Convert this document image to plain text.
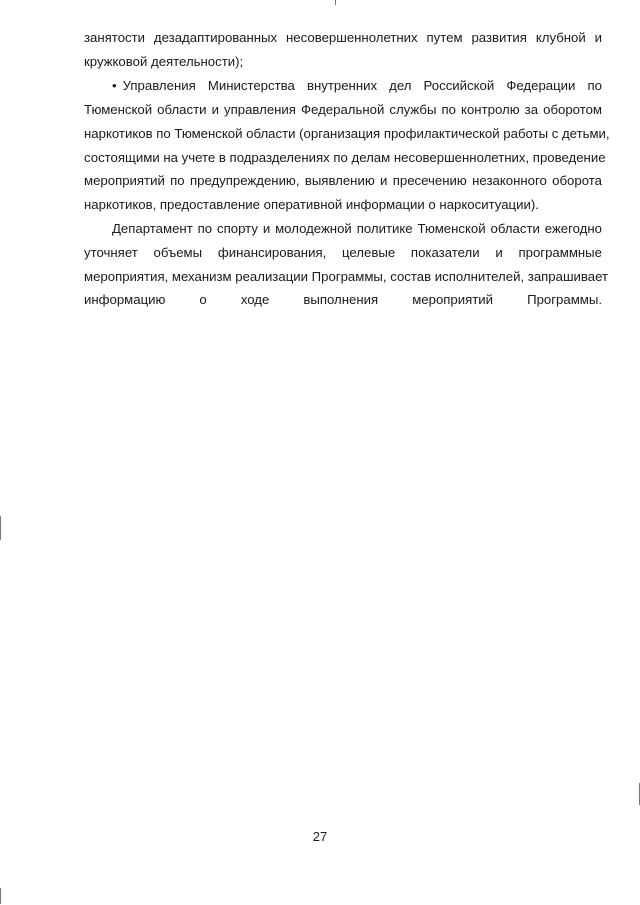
занятости дезадаптированных несовершеннолетних путем развития клубной и
кружковой деятельности);
• Управления Министерства внутренних дел Российской Федерации по
Тюменской области и управления Федеральной службы по контролю за оборотом
наркотиков по Тюменской области (организация профилактической работы с детьми,
состоящими на учете в подразделениях по делам несовершеннолетних, проведение
мероприятий по предупреждению, выявлению и пресечению незаконного оборота
наркотиков, предоставление оперативной информации о наркоситуации).
Департамент по спорту и молодежной политике Тюменской области ежегодно
уточняет объемы финансирования, целевые показатели и программные
мероприятия, механизм реализации Программы, состав исполнителей, запрашивает
информацию о ходе выполнения мероприятий Программы.
27
